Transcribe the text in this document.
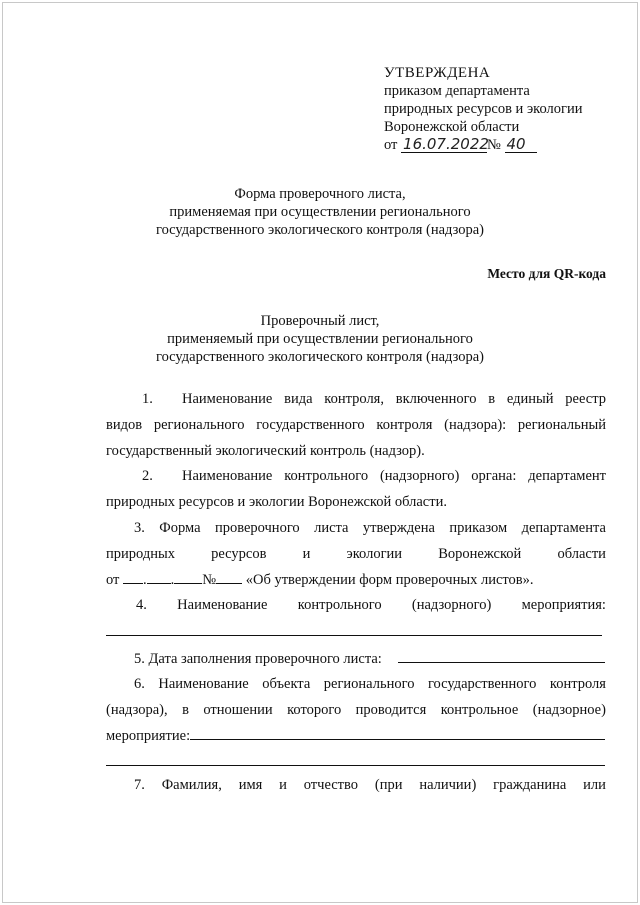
УТВЕРЖДЕНА
приказом департамента
природных ресурсов и экологии
Воронежской области
от 16.07.2022№ 40
Форма проверочного листа,
применяемая при осуществлении регионального
государственного экологического контроля (надзора)
Место для QR-кода
Проверочный лист,
применяемый при осуществлении регионального
государственного экологического контроля (надзора)
1.	Наименование вида контроля, включенного в единый реестр
видов регионального государственного контроля (надзора): региональный
государственный экологический контроль (надзор).
2.	Наименование контрольного (надзорного) органа: департамент
природных ресурсов и экологии Воронежской области.
3. Форма проверочного листа утверждена приказом департамента
природных ресурсов и экологии Воронежской области
от . . № «Об утверждении форм проверочных листов».
4. Наименование контрольного (надзорного) мероприятия:
5. Дата заполнения проверочного листа:
6. Наименование объекта регионального государственного контроля
(надзора), в отношении которого проводится контрольное (надзорное)
мероприятие:
7. Фамилия, имя и отчество (при наличии) гражданина или
